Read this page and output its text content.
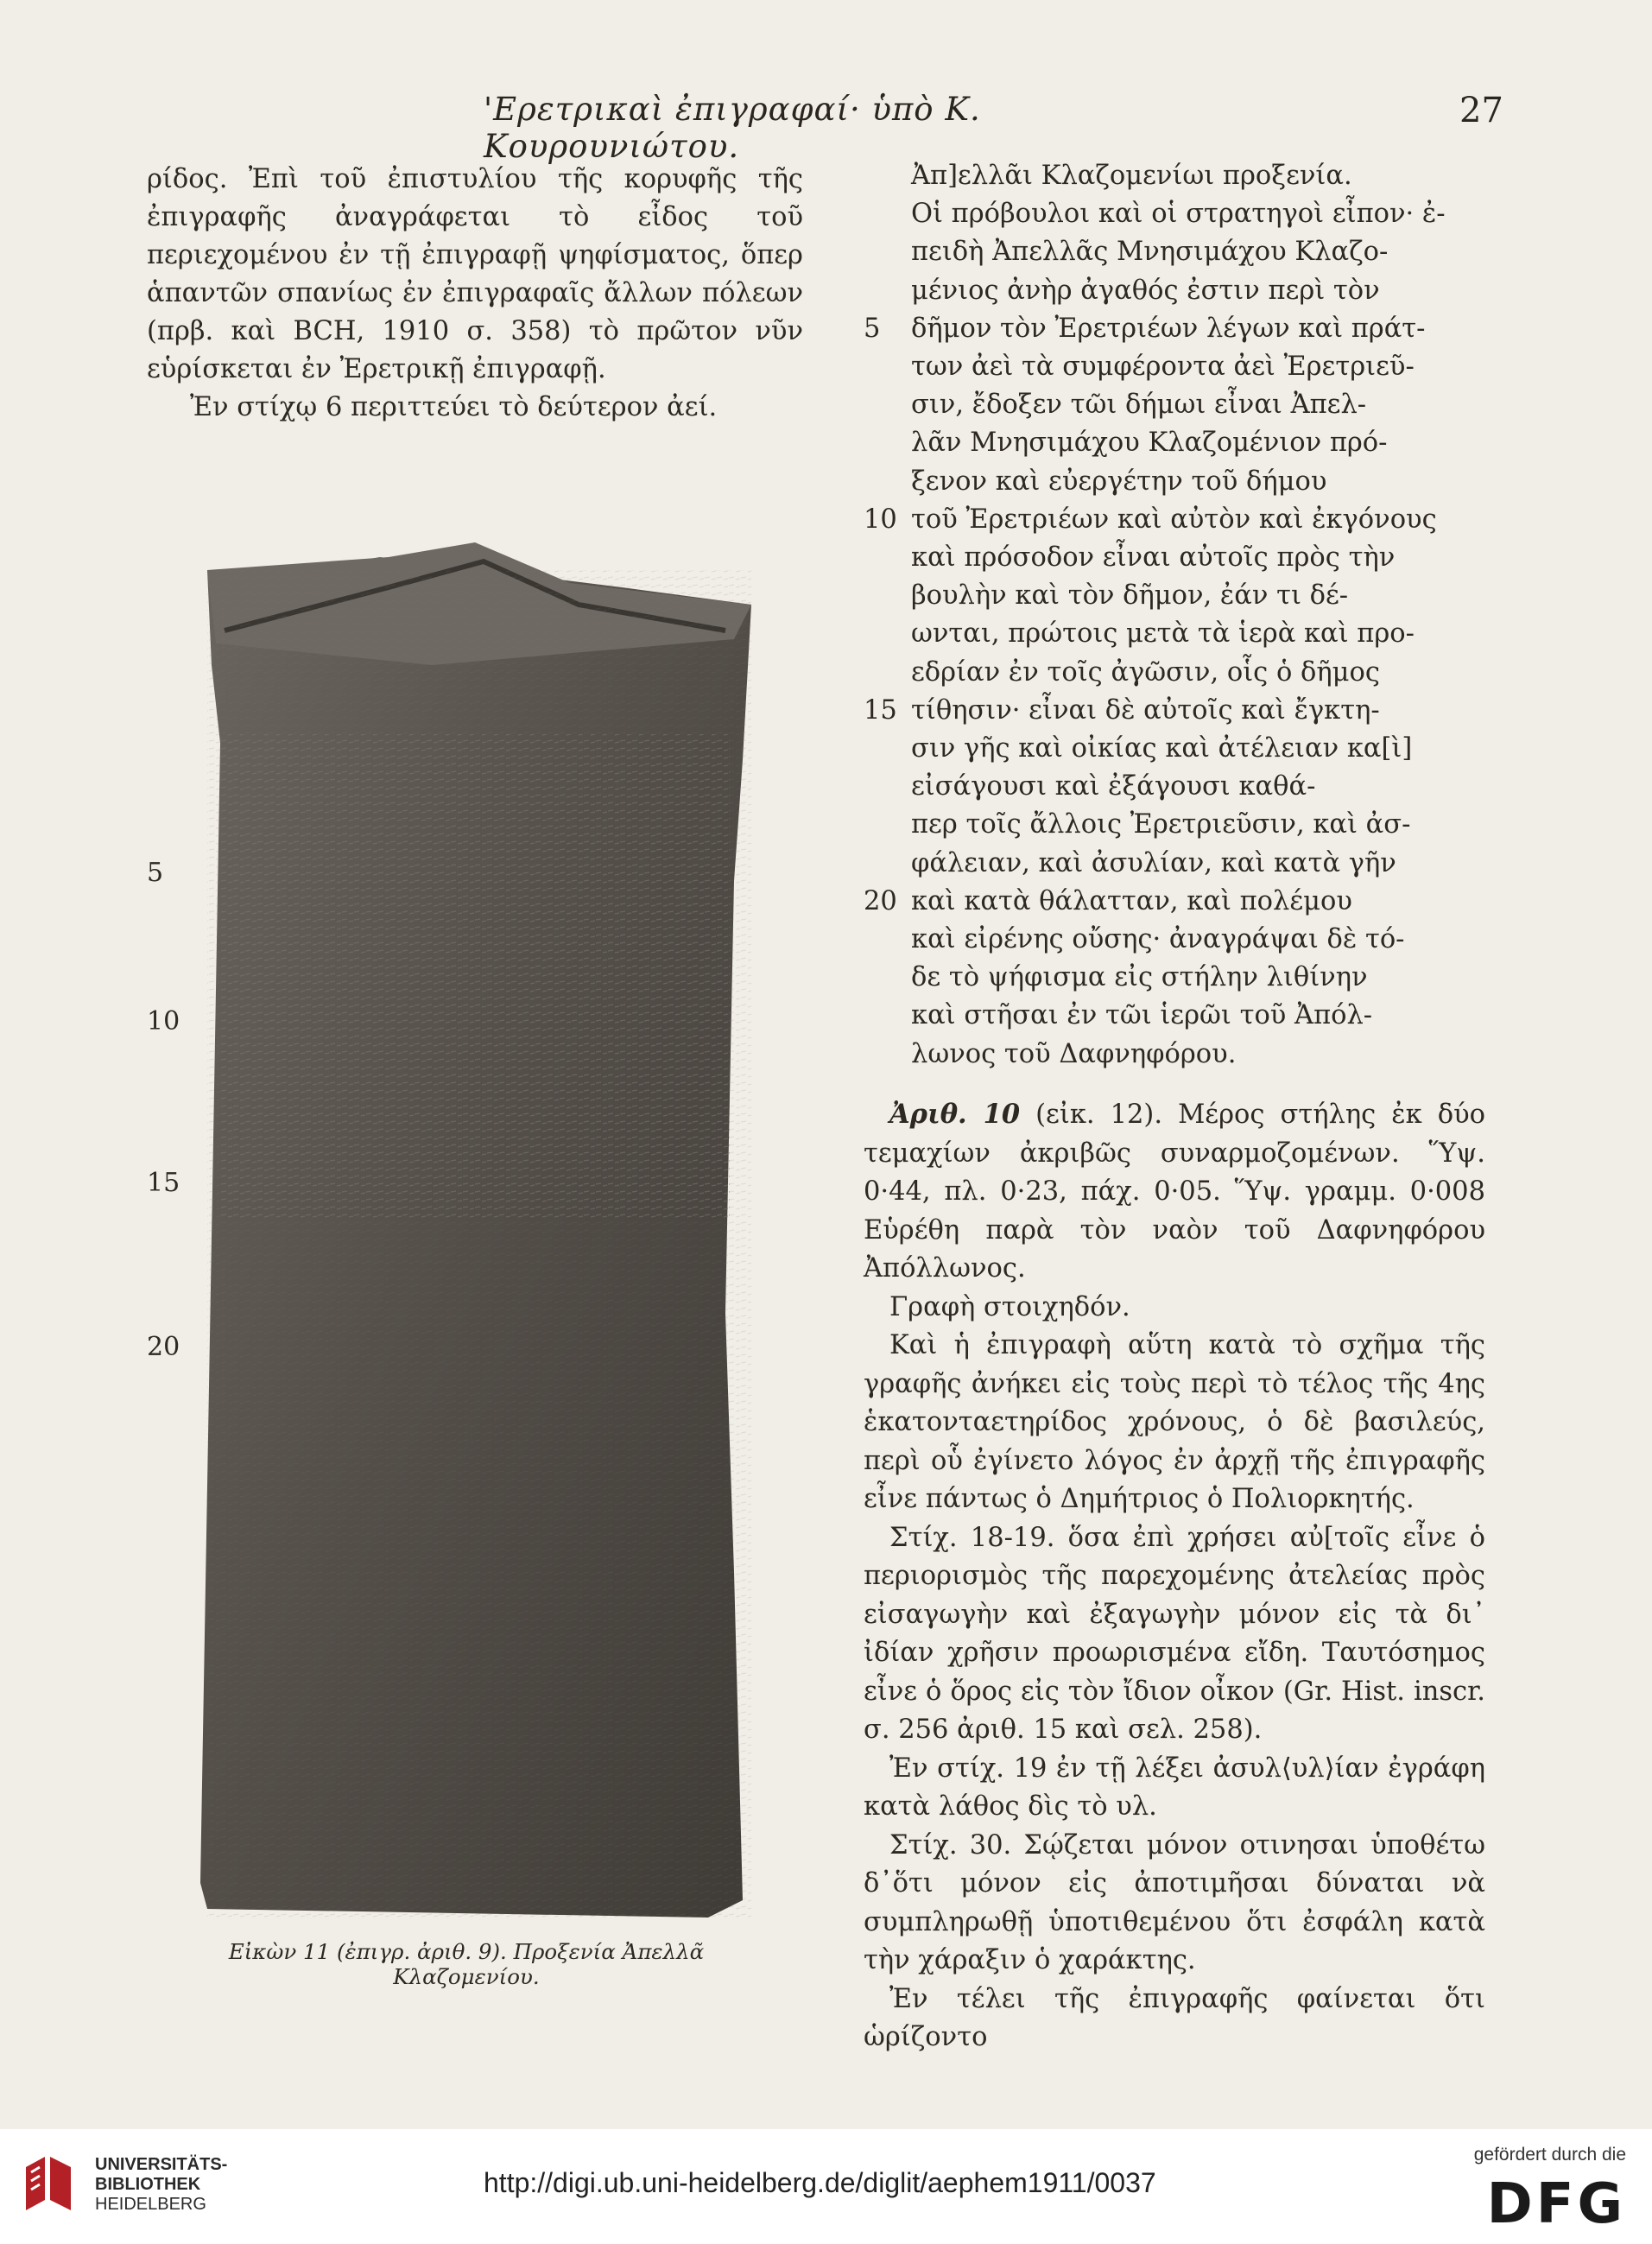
'Ερετρικαὶ ἐπιγραφαί· ὑπὸ Κ. Κουρουνιώτου.
27

ρίδος. Ἐπὶ τοῦ ἐπιστυλίου τῆς κορυφῆς τῆς ἐπιγραφῆς ἀναγράφεται τὸ εἶδος τοῦ περιεχομένου ἐν τῇ ἐπιγραφῇ ψηφίσματος, ὅπερ ἁπαντῶν σπανίως ἐν ἐπιγραφαῖς ἄλλων πόλεων (πρβ. καὶ BCH, 1910 σ. 358) τὸ πρῶτον νῦν εὑρίσκεται ἐν Ἐρετρικῇ ἐπιγραφῇ.

Ἐν στίχῳ 6 περιττεύει τὸ δεύτερον ἀεί.

5
10
15
20
Εἰκὼν 11 (ἐπιγρ. ἀριθ. 9). Προξενία Ἀπελλᾶ Κλαζομενίου.
Ἀπ]ελλᾶι Κλαζομενίωι προξενία.
Οἱ πρόβουλοι καὶ οἱ στρατηγοὶ εἶπον· ἐ-
πειδὴ Ἀπελλᾶς Μνησιμάχου Κλαζο-
μένιος ἀνὴρ ἀγαθός ἐστιν περὶ τὸν
5 δῆμον τὸν Ἐρετριέων λέγων καὶ πράτ-
των ἀεὶ τὰ συμφέροντα ἀεὶ Ἐρετριεῦ-
σιν, ἔδοξεν τῶι δήμωι εἶναι Ἀπελ-
λᾶν Μνησιμάχου Κλαζομένιον πρό-
ξενον καὶ εὐεργέτην τοῦ δήμου
10 τοῦ Ἐρετριέων καὶ αὐτὸν καὶ ἐκγόνους
καὶ πρόσοδον εἶναι αὐτοῖς πρὸς τὴν
βουλὴν καὶ τὸν δῆμον, ἐάν τι δέ-
ωνται, πρώτοις μετὰ τὰ ἱερὰ καὶ προ-
εδρίαν ἐν τοῖς ἀγῶσιν, οἷς ὁ δῆμος
15 τίθησιν· εἶναι δὲ αὐτοῖς καὶ ἔγκτη-
σιν γῆς καὶ οἰκίας καὶ ἀτέλειαν κα[ὶ]
εἰσάγουσι καὶ ἐξάγουσι καθά-
περ τοῖς ἄλλοις Ἐρετριεῦσιν, καὶ ἀσ-
φάλειαν, καὶ ἀσυλίαν, καὶ κατὰ γῆν
20 καὶ κατὰ θάλατταν, καὶ πολέμου
καὶ εἰρένης οὔσης· ἀναγράψαι δὲ τό-
δε τὸ ψήφισμα εἰς στήλην λιθίνην
καὶ στῆσαι ἐν τῶι ἱερῶι τοῦ Ἀπόλ-
λωνος τοῦ Δαφνηφόρου.

Ἀριθ. 10 (εἰκ. 12). Μέρος στήλης ἐκ δύο τεμαχίων ἀκριβῶς συναρμοζομένων. Ὕψ. 0·44, πλ. 0·23, πάχ. 0·05. Ὕψ. γραμμ. 0·008 Εὑρέθη παρὰ τὸν ναὸν τοῦ Δαφνηφόρου Ἀπόλλωνος.

Γραφὴ στοιχηδόν.

Καὶ ἡ ἐπιγραφὴ αὕτη κατὰ τὸ σχῆμα τῆς γραφῆς ἀνήκει εἰς τοὺς περὶ τὸ τέλος τῆς 4ης ἑκατονταετηρίδος χρόνους, ὁ δὲ βασιλεύς, περὶ οὗ ἐγίνετο λόγος ἐν ἀρχῇ τῆς ἐπιγραφῆς εἶνε πάντως ὁ Δημήτριος ὁ Πολιορκητής.

Στίχ. 18-19. ὅσα ἐπὶ χρήσει αὐ[τοῖς εἶνε ὁ περιορισμὸς τῆς παρεχομένης ἀτελείας πρὸς εἰσαγωγὴν καὶ ἐξαγωγὴν μόνον εἰς τὰ δι᾽ ἰδίαν χρῆσιν προωρισμένα εἴδη. Ταυτόσημος εἶνε ὁ ὅρος εἰς τὸν ἴδιον οἶκον (Gr. Hist. inscr. σ. 256 ἀριθ. 15 καὶ σελ. 258).

Ἐν στίχ. 19 ἐν τῇ λέξει ἀσυλ⟨υλ⟩ίαν ἐγράφη κατὰ λάθος δὶς τὸ υλ.

Στίχ. 30. Σῴζεται μόνον οτινησαι ὑποθέτω δ᾽ὅτι μόνον εἰς ἀποτιμῆσαι δύναται νὰ συμπληρωθῇ ὑποτιθεμένου ὅτι ἐσφάλη κατὰ τὴν χάραξιν ὁ χαράκτης.

Ἐν τέλει τῆς ἐπιγραφῆς φαίνεται ὅτι ὡρίζοντο

UNIVERSITÄTS-
BIBLIOTHEK
HEIDELBERG
http://digi.ub.uni-heidelberg.de/diglit/aephem1911/0037
gefördert durch die
DFG
